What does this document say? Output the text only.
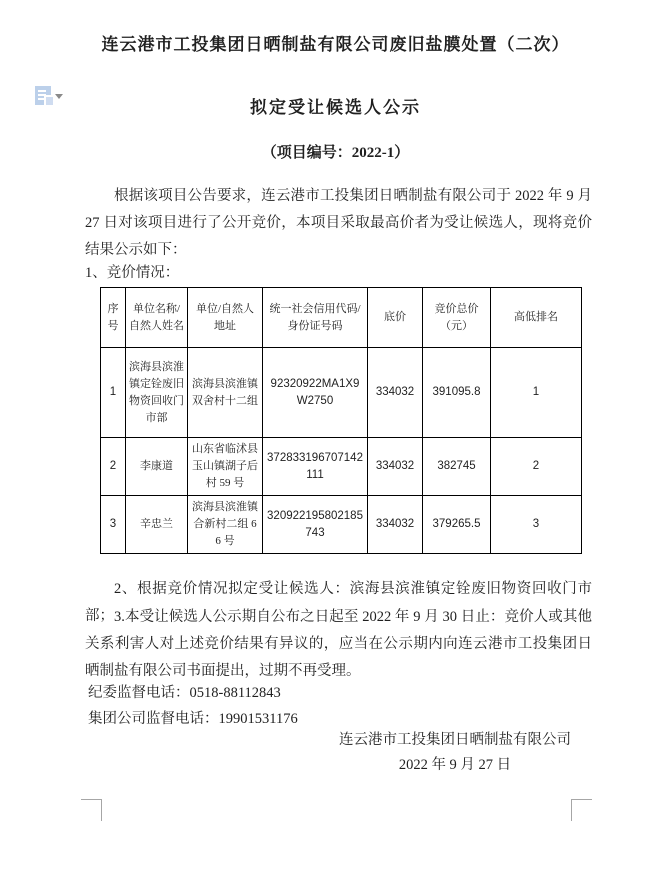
连云港市工投集团日晒制盐有限公司废旧盐膜处置（二次）
拟定受让候选人公示
（项目编号：2022-1）
根据该项目公告要求，连云港市工投集团日晒制盐有限公司于 2022 年 9 月 27 日对该项目进行了公开竞价，本项目采取最高价者为受让候选人，现将竞价结果公示如下：
1、竞价情况：
序号	单位名称/自然人姓名	单位/自然人地址	统一社会信用代码/身份证号码	底价	竞价总价（元）	高低排名
1	滨海县滨淮镇定铨废旧物资回收门市部	滨海县滨淮镇双舍村十二组	92320922MA1X9W2750	334032	391095.8	1
2	李康道	山东省临沭县玉山镇湖子后村 59 号	372833196707142111	334032	382745	2
3	辛忠兰	滨海县滨淮镇合新村二组 66 号	320922195802185743	334032	379265.5	3
2、根据竞价情况拟定受让候选人：滨海县滨淮镇定铨废旧物资回收门市部； 3.本受让候选人公示期自公布之日起至 2022 年 9 月 30 日止：竞价人或其他关系利害人对上述竞价结果有异议的，应当在公示期内向连云港市工投集团日晒制盐有限公司书面提出，过期不再受理。
纪委监督电话：0518-88112843
集团公司监督电话：19901531176
连云港市工投集团日晒制盐有限公司
2022 年 9 月 27 日
